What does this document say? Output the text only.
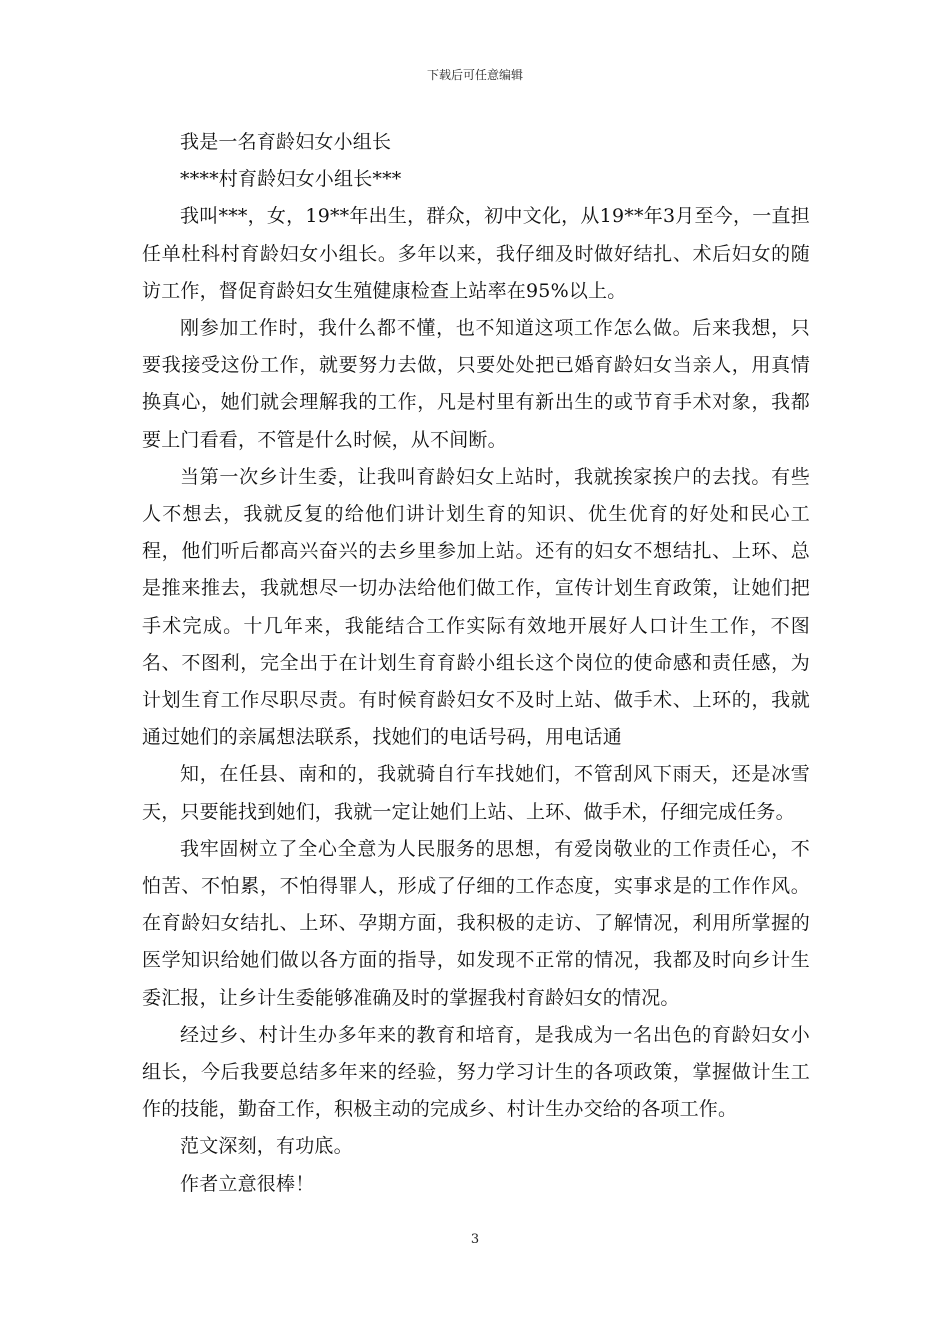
下载后可任意编辑

我是一名育龄妇女小组长

****村育龄妇女小组长***

我叫***，女，19**年出生，群众，初中文化，从19**年3月至今，一直担任单杜科村育龄妇女小组长。多年以来，我仔细及时做好结扎、术后妇女的随访工作，督促育龄妇女生殖健康检查上站率在95%以上。

刚参加工作时，我什么都不懂，也不知道这项工作怎么做。后来我想，只要我接受这份工作，就要努力去做，只要处处把已婚育龄妇女当亲人，用真情换真心，她们就会理解我的工作，凡是村里有新出生的或节育手术对象，我都要上门看看，不管是什么时候，从不间断。

当第一次乡计生委，让我叫育龄妇女上站时，我就挨家挨户的去找。有些人不想去，我就反复的给他们讲计划生育的知识、优生优育的好处和民心工程，他们听后都高兴奋兴的去乡里参加上站。还有的妇女不想结扎、上环、总是推来推去，我就想尽一切办法给他们做工作，宣传计划生育政策，让她们把手术完成。十几年来，我能结合工作实际有效地开展好人口计生工作，不图名、不图利，完全出于在计划生育育龄小组长这个岗位的使命感和责任感，为计划生育工作尽职尽责。有时候育龄妇女不及时上站、做手术、上环的，我就通过她们的亲属想法联系，找她们的电话号码，用电话通

知，在任县、南和的，我就骑自行车找她们，不管刮风下雨天，还是冰雪天，只要能找到她们，我就一定让她们上站、上环、做手术，仔细完成任务。

我牢固树立了全心全意为人民服务的思想，有爱岗敬业的工作责任心，不怕苦、不怕累，不怕得罪人，形成了仔细的工作态度，实事求是的工作作风。在育龄妇女结扎、上环、孕期方面，我积极的走访、了解情况，利用所掌握的医学知识给她们做以各方面的指导，如发现不正常的情况，我都及时向乡计生委汇报，让乡计生委能够准确及时的掌握我村育龄妇女的情况。

经过乡、村计生办多年来的教育和培育，是我成为一名出色的育龄妇女小组长，今后我要总结多年来的经验，努力学习计生的各项政策，掌握做计生工作的技能，勤奋工作，积极主动的完成乡、村计生办交给的各项工作。

范文深刻，有功底。

作者立意很棒！

3
